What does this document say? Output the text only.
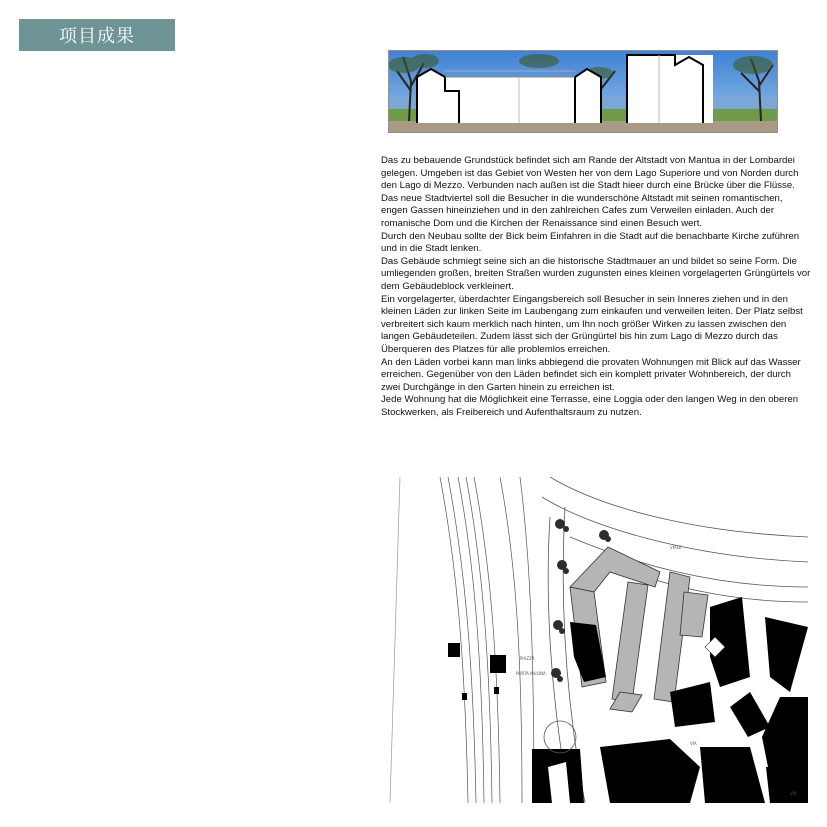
项目成果

Das zu bebauende Grundstück befindet sich am Rande der Altstadt von Mantua in der Lombardei gelegen. Umgeben ist das Gebiet von Westen her von dem Lago Superiore und von Norden durch den Lago di Mezzo. Verbunden nach außen ist die Stadt hieer durch eine Brücke über die Flüsse.

Das neue Stadtviertel soll die Besucher in die wunderschöne Altstadt mit seinen romantischen, engen Gassen hineinziehen und in den zahlreichen Cafes zum Verweilen einladen. Auch der romanische Dom und die Kirchen der Renaissance sind einen Besuch wert.

Durch den Neubau sollte der Bick beim Einfahren in die Stadt auf die benachbarte Kirche zuführen und in die Stadt lenken.

Das Gebäude schmiegt seine sich an die historische Stadtmauer an und bildet so seine Form. Die umliegenden großen, breiten Straßen wurden zugunsten eines kleinen vorgelagerten Grüngürtels vor dem Gebäudeblock verkleinert.

Ein vorgelagerter, überdachter Eingangsbereich soll Besucher in sein Inneres ziehen und in den kleinen Läden zur linken Seite im Laubengang zum einkaufen und verweilen leiten. Der Platz selbst verbreitert sich kaum merklich nach hinten, um Ihn noch größer Wirken zu lassen zwischen den langen Gebäudeteilen. Zudem lässt sich der Grüngürtel bis hin zum Lago di Mezzo durch das Überqueren des Platzes für alle problemlos erreichen.

An den Läden vorbei kann man links abbiegend die provaten Wohnungen mit Blick auf das Wasser erreichen. Gegenüber von den Läden befindet sich ein komplett privater Wohnbereich, der durch zwei Durchgänge in den Garten hinein zu erreichen ist.

Jede Wohnung hat die Möglichkeit eine Terrasse, eine Loggia oder den langen Weg in den oberen Stockwerken, als Freibereich und Aufenthaltsraum zu nutzen.

PIAZZA
PORTA MULINA
VIALE
VIA
VIA
